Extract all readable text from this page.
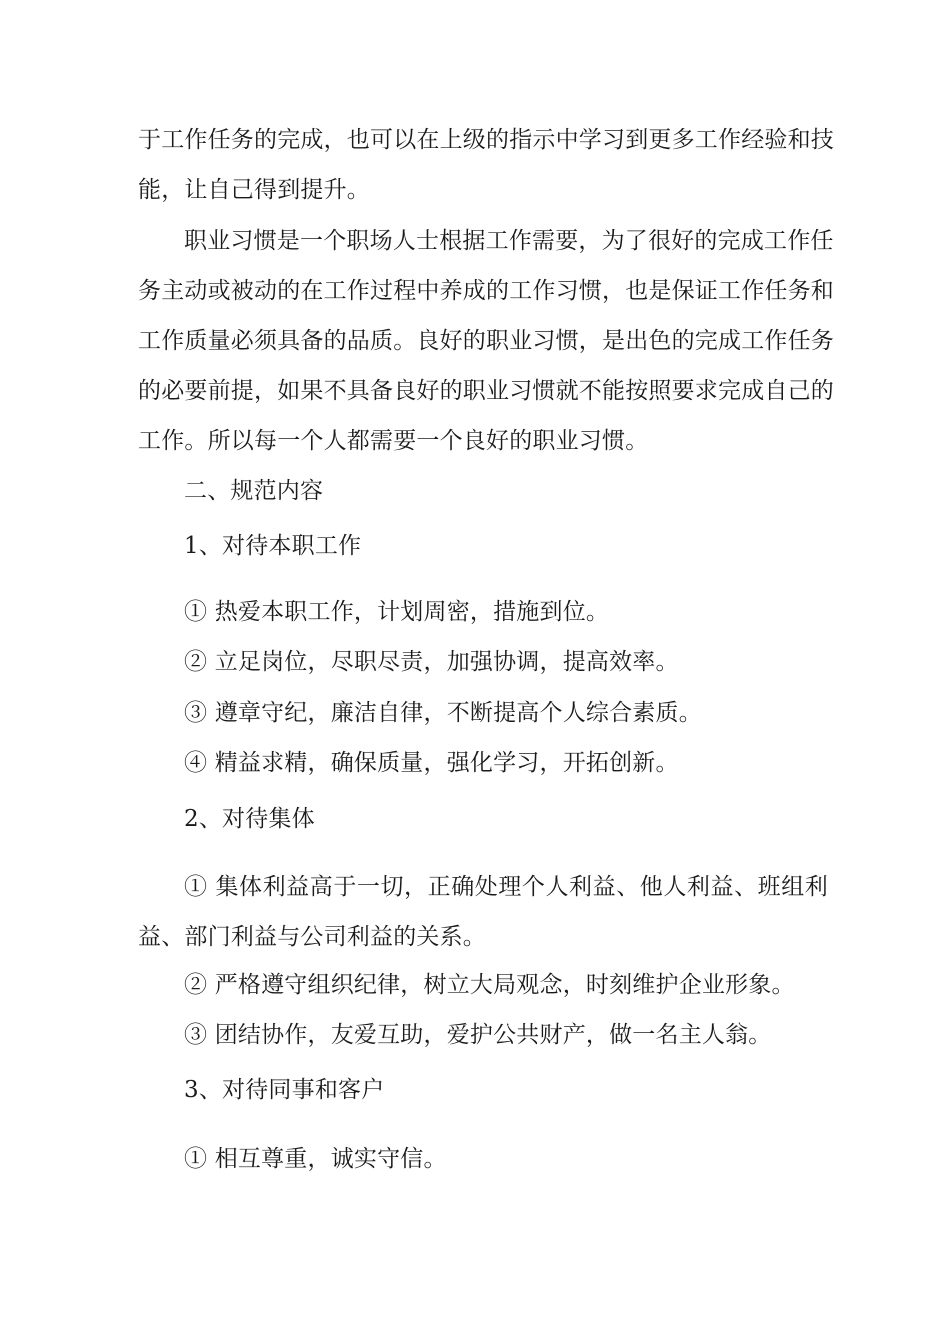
于工作任务的完成，也可以在上级的指示中学习到更多工作经验和技
能，让自己得到提升。
职业习惯是一个职场人士根据工作需要，为了很好的完成工作任
务主动或被动的在工作过程中养成的工作习惯，也是保证工作任务和
工作质量必须具备的品质。良好的职业习惯，是出色的完成工作任务
的必要前提，如果不具备良好的职业习惯就不能按照要求完成自己的
工作。所以每一个人都需要一个良好的职业习惯。
二、规范内容
1、对待本职工作
① 热爱本职工作，计划周密，措施到位。
② 立足岗位，尽职尽责，加强协调，提高效率。
③ 遵章守纪，廉洁自律，不断提高个人综合素质。
④ 精益求精，确保质量，强化学习，开拓创新。
2、对待集体
① 集体利益高于一切，正确处理个人利益、他人利益、班组利
益、部门利益与公司利益的关系。
② 严格遵守组织纪律，树立大局观念，时刻维护企业形象。
③ 团结协作，友爱互助，爱护公共财产，做一名主人翁。
3、对待同事和客户
① 相互尊重，诚实守信。
